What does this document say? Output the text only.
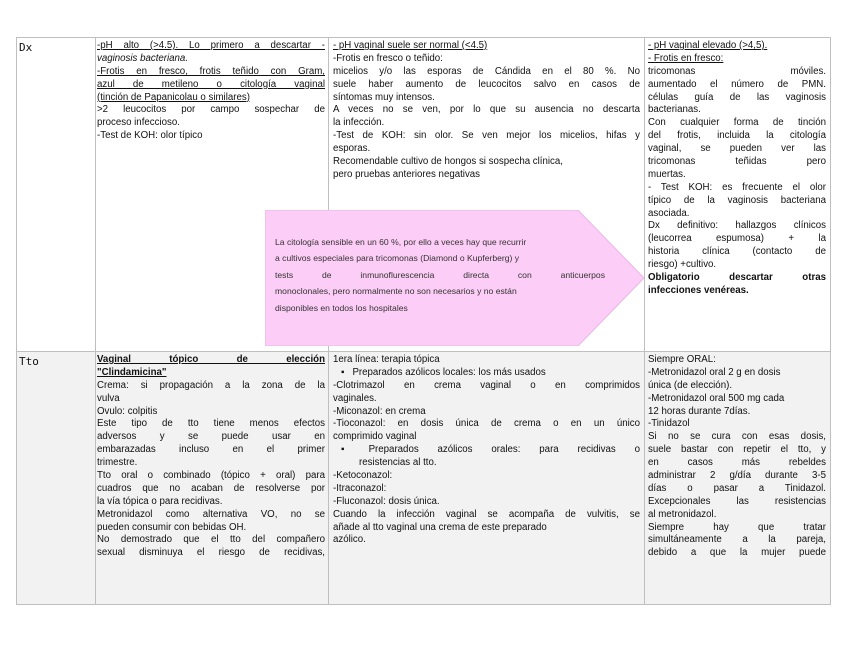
Dx	-pH alto (>4.5). Lo primero a descartar -
vaginosis bacteriana.
-Frotis en fresco, frotis teñido con Gram,
azul de metileno o citología vaginal
(tinción de Papanicolau o similares)
>2 leucocitos por campo sospechar de
proceso infeccioso.
-Test de KOH: olor típico
- pH vaginal suele ser normal (<4.5)
-Frotis en fresco o teñido:
micelios y/o las esporas de Cándida en el 80 %. No
suele haber aumento de leucocitos salvo en casos de
síntomas muy intensos.
A veces no se ven, por lo que su ausencia no descarta
la infección.
-Test de KOH: sin olor. Se ven mejor los micelios, hifas y
esporas.
Recomendable cultivo de hongos si sospecha clínica,
pero pruebas anteriores negativas
- pH vaginal elevado (>4,5).
- Frotis en fresco:
tricomonas móviles.
aumentado el número de PMN.
células guía de las vaginosis
bacterianas.
Con cualquier forma de tinción
del frotis, incluida la citología
vaginal, se pueden ver las
tricomonas teñidas pero
muertas.
- Test KOH: es frecuente el olor
típico de la vaginosis bacteriana
asociada.
Dx definitivo: hallazgos clínicos
(leucorrea espumosa) + la
historia clínica (contacto de
riesgo) +cultivo.
Obligatorio descartar otras
infecciones venéreas.
La citología sensible en un 60 %, por ello a veces hay que recurrir
a cultivos especiales para tricomonas (Diamond o Kupferberg) y
tests de inmunoflurescencia directa con anticuerpos
monoclonales, pero normalmente no son necesarios y no están
disponibles en todos los hospitales
Tto	Vaginal tópico de elección
"Clindamicina"
Crema: si propagación a la zona de la
vulva
Ovulo: colpitis
Este tipo de tto tiene menos efectos
adversos y se puede usar en
embarazadas incluso en el primer
trimestre.
Tto oral o combinado (tópico + oral) para
cuadros que no acaban de resolverse por
la vía tópica o para recidivas.
Metronidazol como alternativa VO, no se
pueden consumir con bebidas OH.
No demostrado que el tto del compañero
sexual disminuya el riesgo de recidivas,
1era línea: terapia tópica
▪ Preparados azólicos locales: los más usados
-Clotrimazol en crema vaginal o en comprimidos
vaginales.
-Miconazol: en crema
-Tioconazol: en dosis única de crema o en un único
comprimido vaginal
▪ Preparados azólicos orales: para recidivas o
resistencias al tto.
-Ketoconazol:
-Itraconazol:
-Fluconazol: dosis única.
Cuando la infección vaginal se acompaña de vulvitis, se
añade al tto vaginal una crema de este preparado
azólico.
Siempre ORAL:
-Metronidazol oral 2 g en dosis
única (de elección).
-Metronidazol oral 500 mg cada
12 horas durante 7días.
-Tinidazol
Si no se cura con esas dosis,
suele bastar con repetir el tto, y
en casos más rebeldes
administrar 2 g/día durante 3-5
días o pasar a Tinidazol.
Excepcionales las resistencias
al metronidazol.
Siempre hay que tratar
simultáneamente a la pareja,
debido a que la mujer puede
